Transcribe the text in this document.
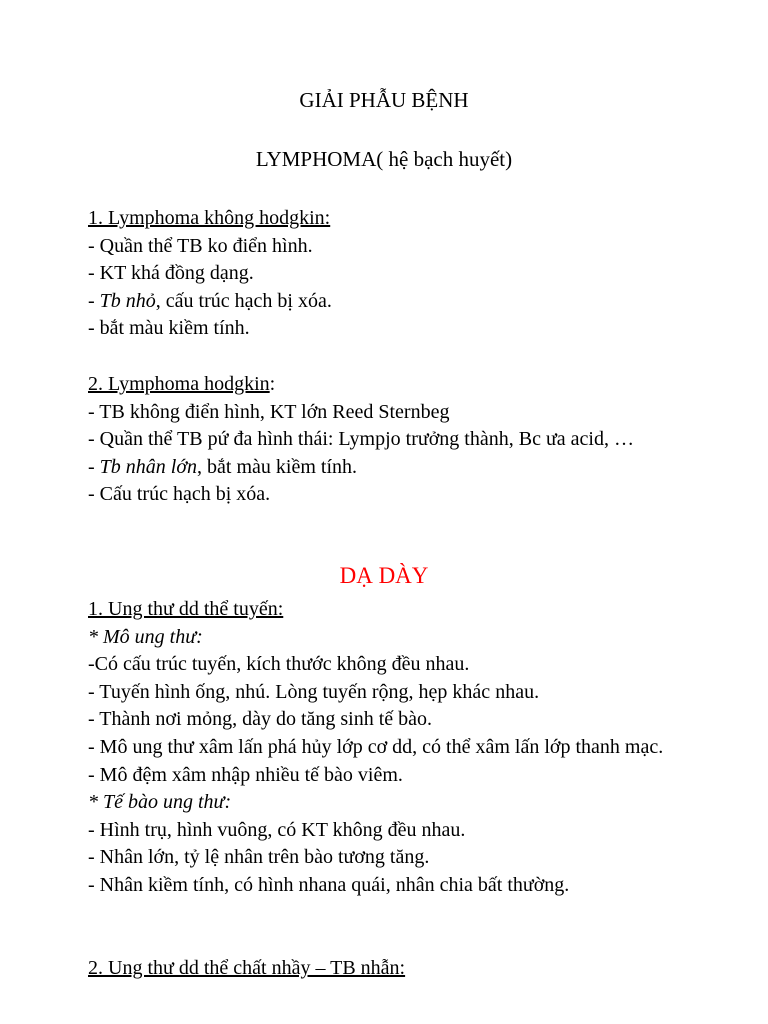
GIẢI PHẪU BỆNH
LYMPHOMA( hệ bạch huyết)
1. Lymphoma không hodgkin:
- Quần thể TB ko điển hình.
- KT khá đồng dạng.
- Tb nhỏ, cấu trúc hạch bị xóa.
- bắt màu kiềm tính.
2. Lymphoma hodgkin:
- TB không điển hình, KT lớn Reed Sternbeg
- Quần thể TB pứ đa hình thái: Lympjo trưởng thành, Bc ưa acid, …
- Tb nhân lớn, bắt màu kiềm tính.
- Cấu trúc hạch bị xóa.
DẠ DÀY
1. Ung thư dd thể tuyến:
* Mô ung thư:
-Có cấu trúc tuyến, kích thước không đều nhau.
- Tuyến hình ống, nhú. Lòng tuyến rộng, hẹp khác nhau.
- Thành nơi mỏng, dày do tăng sinh tế bào.
- Mô ung thư xâm lấn phá hủy lớp cơ dd, có thể xâm lấn lớp thanh mạc.
- Mô đệm xâm nhập nhiều tế bào viêm.
* Tế bào ung thư:
- Hình trụ, hình vuông, có KT không đều nhau.
- Nhân lớn, tỷ lệ nhân trên bào tương tăng.
- Nhân kiềm tính, có hình nhana quái, nhân chia bất thường.
2. Ung thư dd thể chất nhầy – TB nhẫn:
